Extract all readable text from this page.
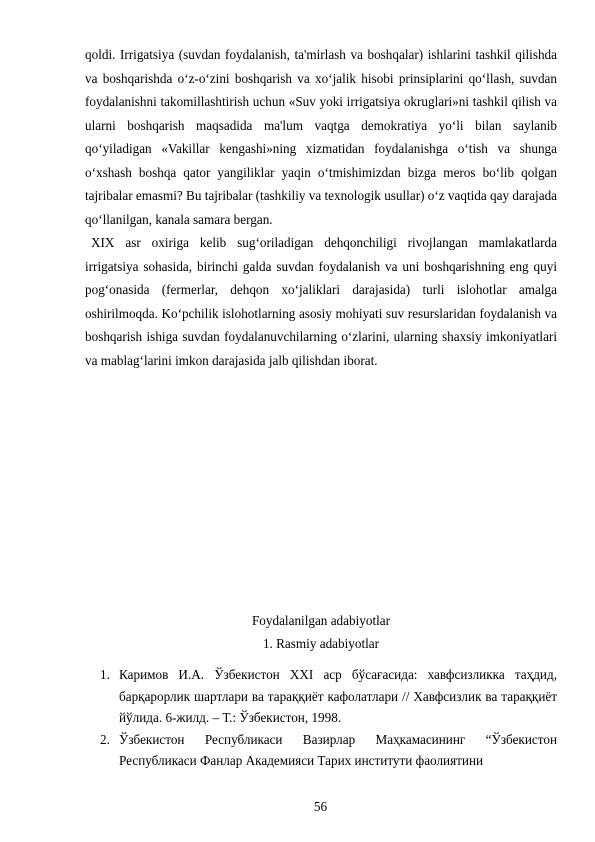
qoldi. Irrigatsiya (suvdan foydalanish, ta'mirlash va boshqalar) ishlarini tashkil qilishda va boshqarishda o‘z-o‘zini boshqarish va xo‘jalik hisobi prinsiplarini qo‘llash, suvdan foydalanishni takomillashtirish uchun «Suv yoki irrigatsiya okruglari»ni tashkil qilish va ularni boshqarish maqsadida ma'lum vaqtga demokratiya yo‘li bilan saylanib qo‘yiladigan «Vakillar kengashi»ning xizmatidan foydalanishga o‘tish va shunga o‘xshash boshqa qator yangiliklar yaqin o‘tmishimizdan bizga meros bo‘lib qolgan tajribalar emasmi? Bu tajribalar (tashkiliy va texnologik usullar) o‘z vaqtida qay darajada qo‘llanilgan, kanala samara bergan.

XIX asr oxiriga kelib sug‘oriladigan dehqonchiligi rivojlangan mamlakatlarda irrigatsiya sohasida, birinchi galda suvdan foydalanish va uni boshqarishning eng quyi pog‘onasida (fermerlar, dehqon xo‘jaliklari darajasida) turli islohotlar amalga oshirilmoqda. Ko‘pchilik islohotlarning asosiy mohiyati suv resurslaridan foydalanish va boshqarish ishiga suvdan foydalanuvchilarning o‘zlarini, ularning shaxsiy imkoniyatlari va mablag‘larini imkon darajasida jalb qilishdan iborat.

Foydalanilgan adabiyotlar

1. Rasmiy adabiyotlar

1. Каримов И.А. Ўзбекистон XXI аср бўсағасида: хавфсизликка таҳдид, барқарорлик шартлари ва тараққиёт кафолатлари // Хавфсизлик ва тараққиёт йўлида. 6-жилд. – Т.: Ўзбекистон, 1998.
2. Ўзбекистон Республикаси Вазирлар Маҳкамасининг “Ўзбекистон Республикаси Фанлар Академияси Тарих институти фаолиятини
56
